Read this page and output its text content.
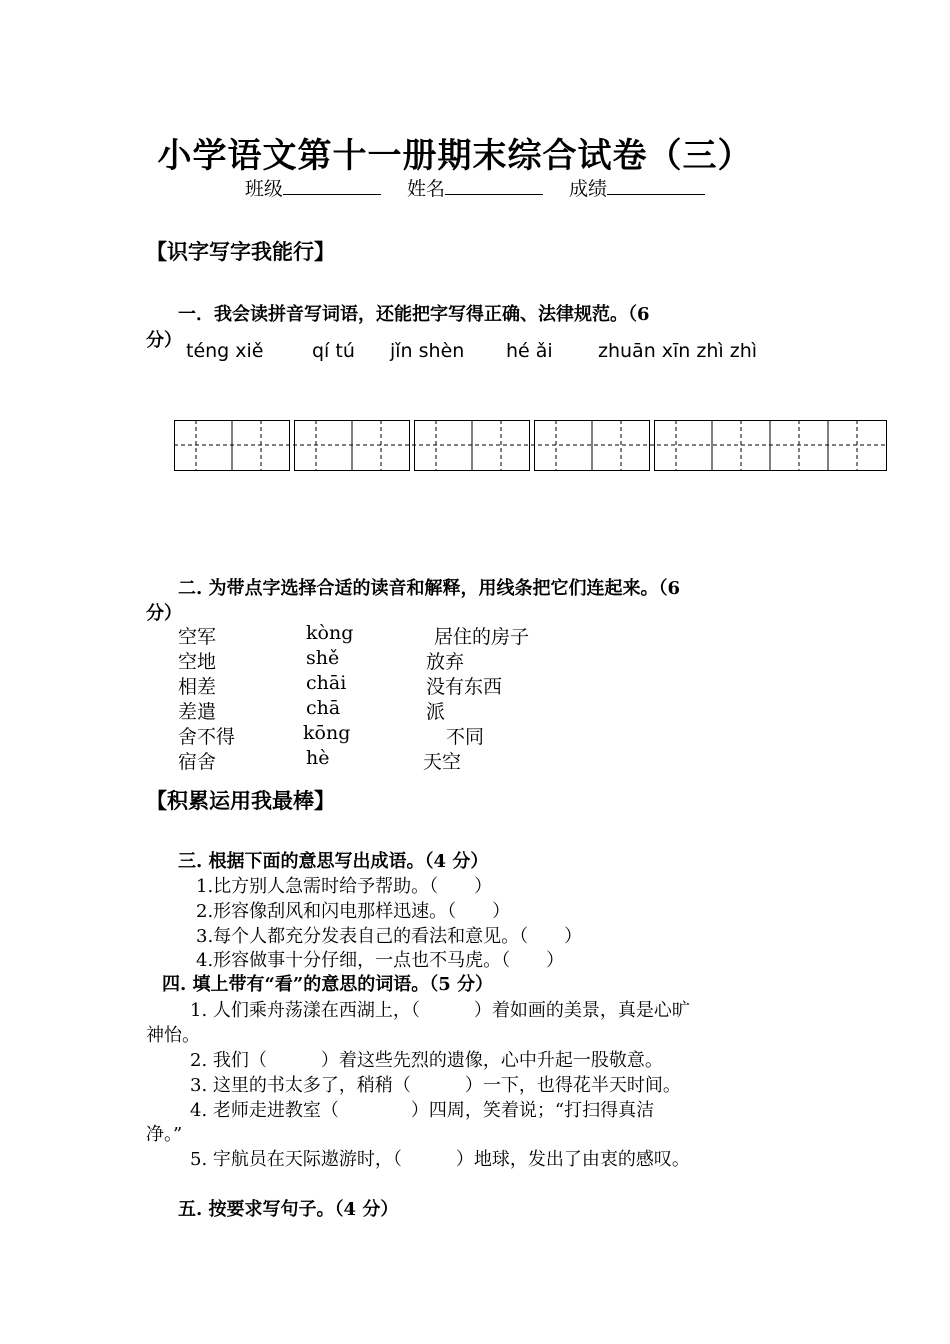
小学语文第十一册期末综合试卷（三）
班级	姓名	成绩
【识字写字我能行】
一．我会读拼音写词语，还能把字写得正确、法律规范。（6
分） téng xiě	qí tú jǐn shèn hé ǎi zhuān xīn zhì zhì
二. 为带点字选择合适的读音和解释，用线条把它们连起来。（6
分）
空军	kòng	居住的房子
空地	shě	放弃
相差	chāi	没有东西
差遣	chā	派
舍不得	kōng	不同
宿舍	hè	天空
【积累运用我最棒】
三. 根据下面的意思写出成语。（4 分）
1.比方别人急需时给予帮助。（　　）
2.形容像刮风和闪电那样迅速。（　　）
3.每个人都充分发表自己的看法和意见。（　　）
4.形容做事十分仔细，一点也不马虎。（　　）
四. 填上带有“看”的意思的词语。（5 分）
1. 人们乘舟荡漾在西湖上，（　　　）着如画的美景，真是心旷
神怡。
2. 我们（　　　）着这些先烈的遗像，心中升起一股敬意。
3. 这里的书太多了，稍稍（　　　）一下，也得花半天时间。
4. 老师走进教室（　　　　）四周，笑着说；“打扫得真洁
净。”
5. 宇航员在天际遨游时，（　　　）地球，发出了由衷的感叹。
五. 按要求写句子。（4 分）
